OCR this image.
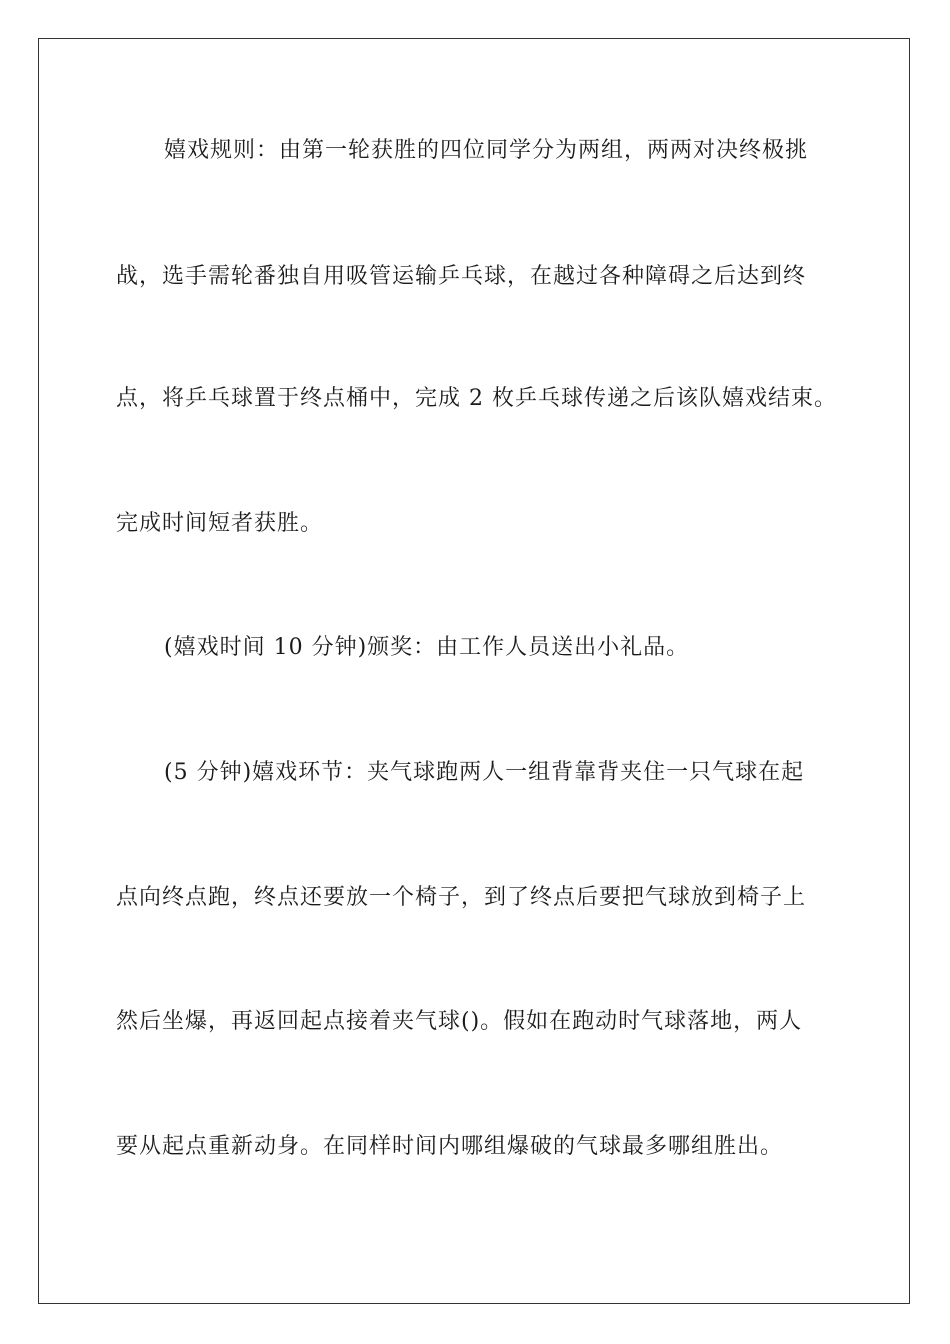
嬉戏规则：由第一轮获胜的四位同学分为两组，两两对决终极挑
战，选手需轮番独自用吸管运输乒乓球，在越过各种障碍之后达到终
点，将乒乓球置于终点桶中，完成 2 枚乒乓球传递之后该队嬉戏结束。
完成时间短者获胜。
(嬉戏时间 10 分钟)颁奖：由工作人员送出小礼品。
(5 分钟)嬉戏环节：夹气球跑两人一组背靠背夹住一只气球在起
点向终点跑，终点还要放一个椅子，到了终点后要把气球放到椅子上
然后坐爆，再返回起点接着夹气球()。假如在跑动时气球落地，两人
要从起点重新动身。在同样时间内哪组爆破的气球最多哪组胜出。
